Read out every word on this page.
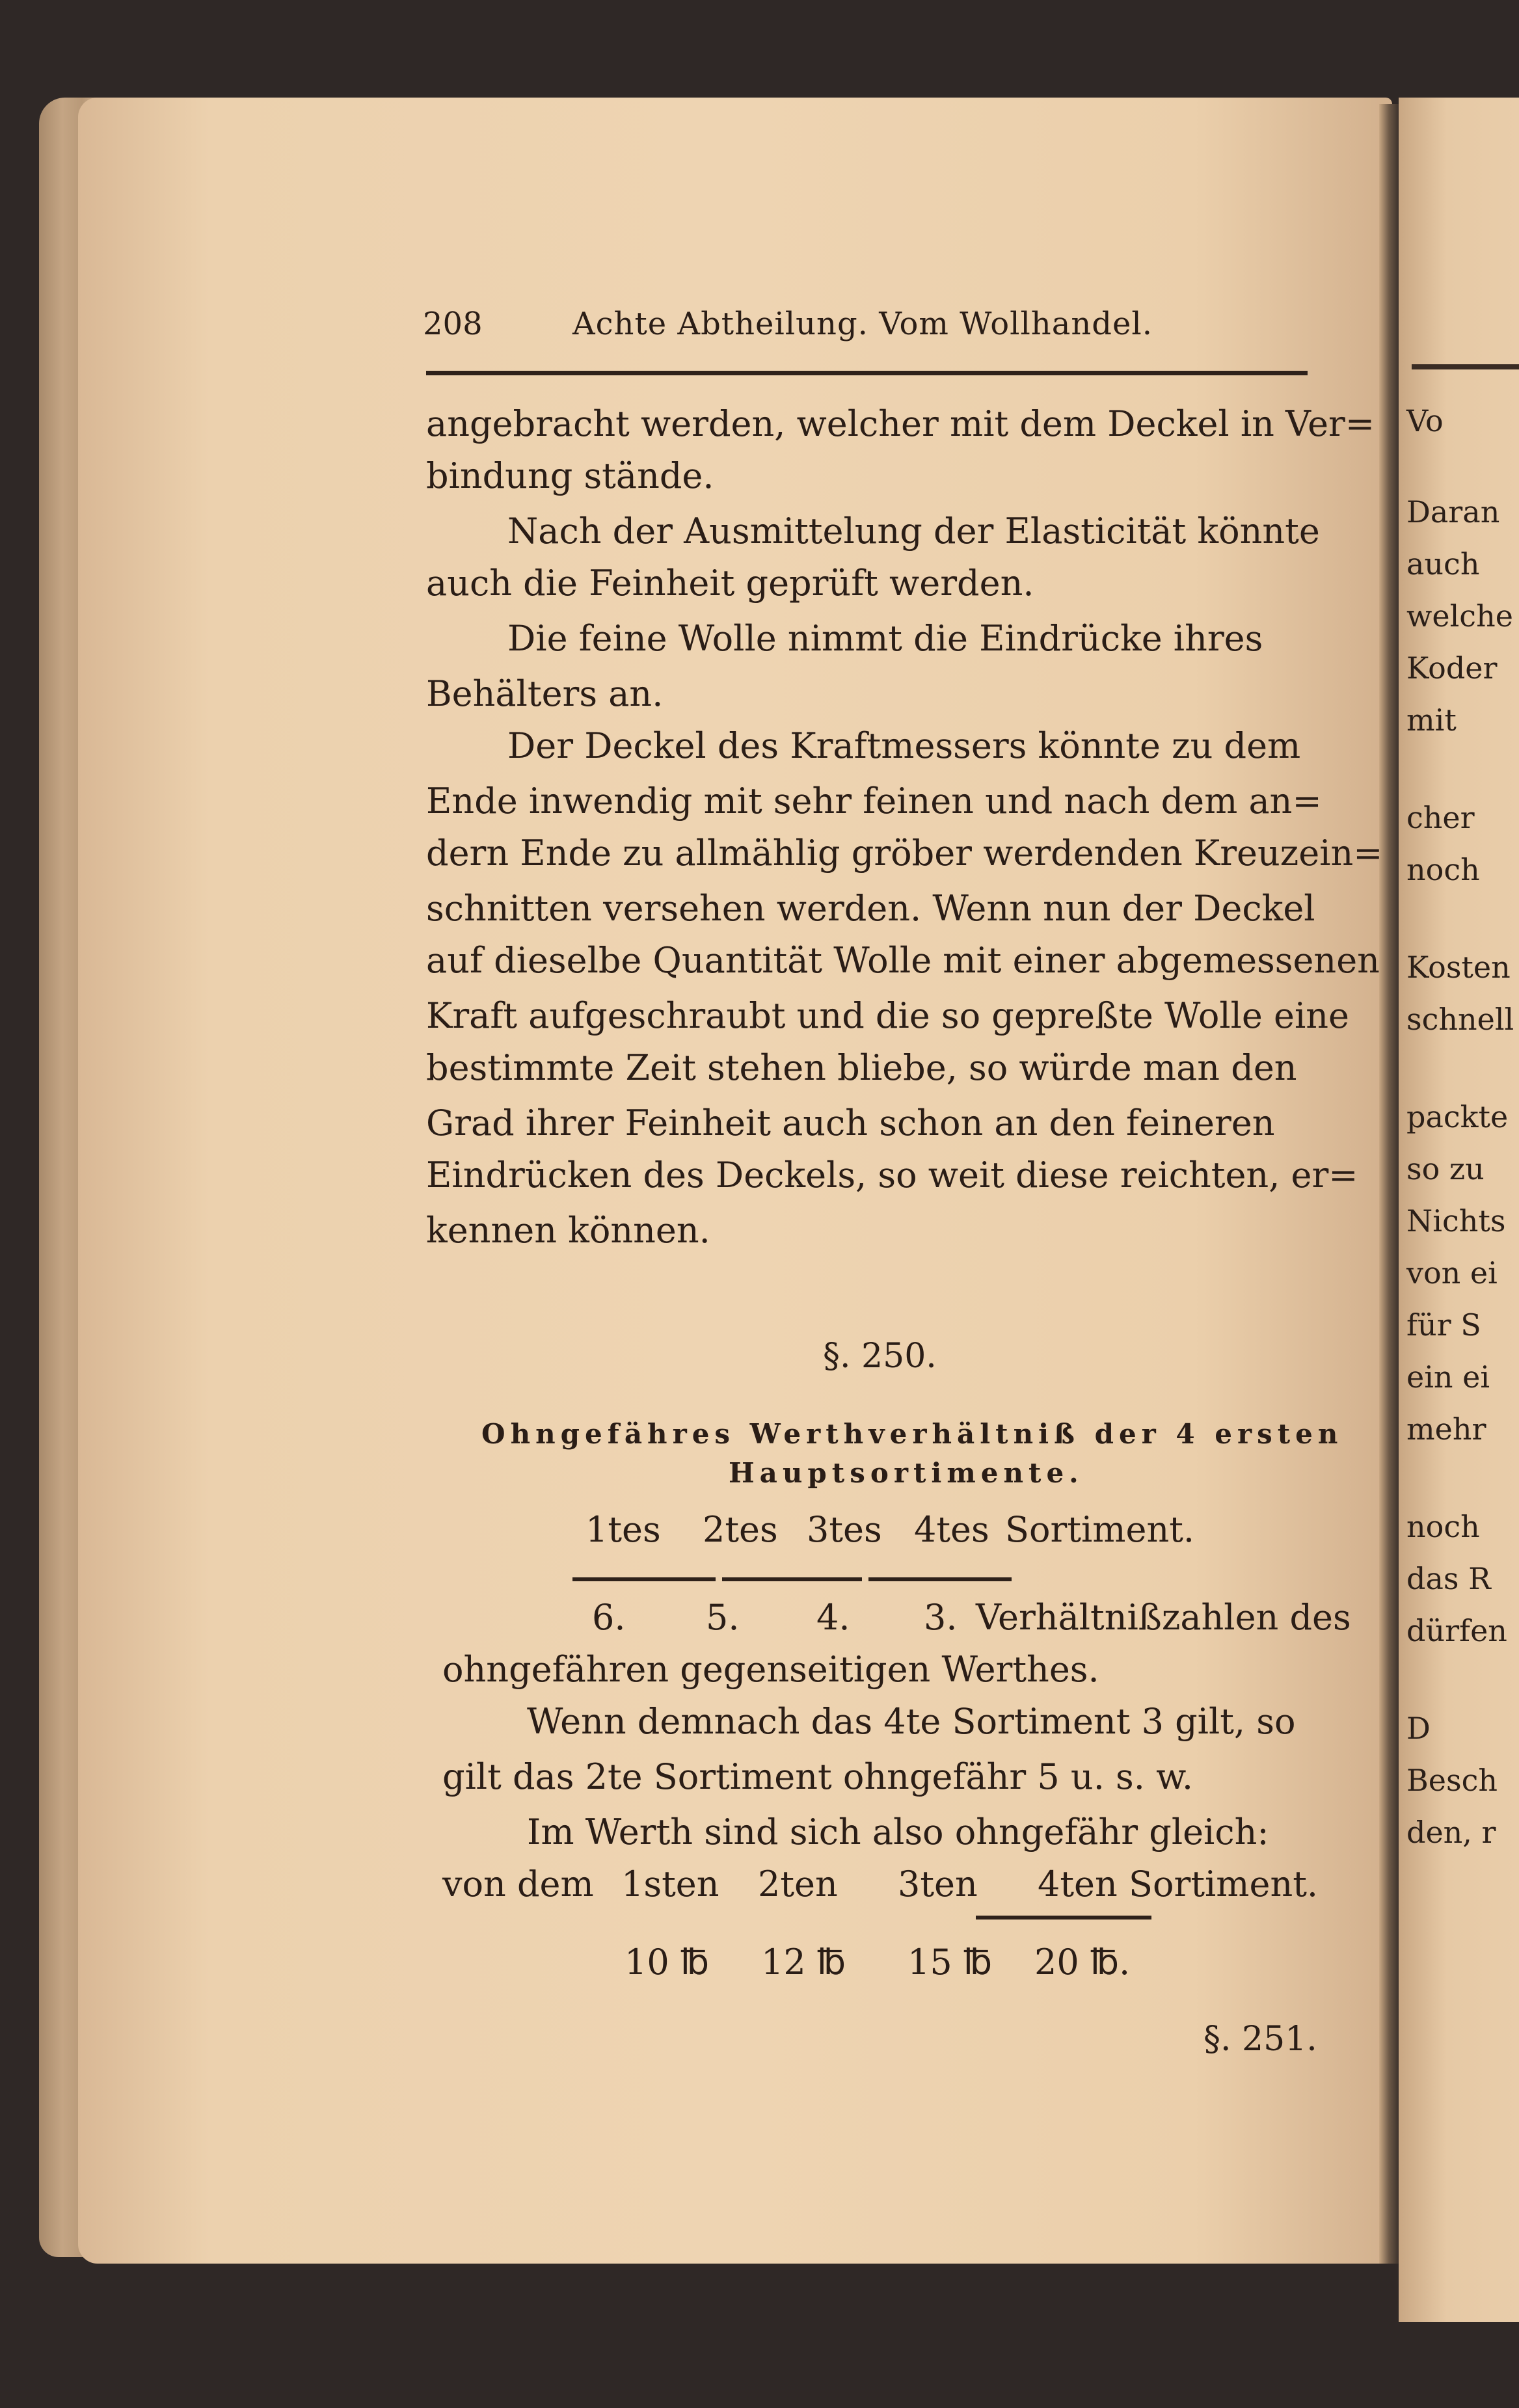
Vo
Daran
auch
welche
Koder
mit
cher
noch
Kosten
schnell
packte
so zu
Nichts
von ei
für S
ein ei
mehr
noch
das R
dürfen
D
Besch
den, r
208	Achte Abtheilung. Vom Wollhandel.
angebracht werden, welcher mit dem Deckel in Ver=
bindung stände.
Nach der Ausmittelung der Elasticität könnte
auch die Feinheit geprüft werden.
Die feine Wolle nimmt die Eindrücke ihres
Behälters an.
Der Deckel des Kraftmessers könnte zu dem
Ende inwendig mit sehr feinen und nach dem an=
dern Ende zu allmählig gröber werdenden Kreuzein=
schnitten versehen werden. Wenn nun der Deckel
auf dieselbe Quantität Wolle mit einer abgemessenen
Kraft aufgeschraubt und die so gepreßte Wolle eine
bestimmte Zeit stehen bliebe, so würde man den
Grad ihrer Feinheit auch schon an den feineren
Eindrücken des Deckels, so weit diese reichten, er=
kennen können.
§. 250.
Ohngefähres Werthverhältniß der 4 ersten
Hauptsortimente.
1tes 2tes 3tes 4tes Sortiment.
6. 5. 4. 3. Verhältnißzahlen des
ohngefähren gegenseitigen Werthes.
Wenn demnach das 4te Sortiment 3 gilt, so
gilt das 2te Sortiment ohngefähr 5 u. s. w.
Im Werth sind sich also ohngefähr gleich:
von dem 1sten 2ten 3ten 4ten Sortiment.
10 ℔ 12 ℔ 15 ℔ 20 ℔.
§. 251.
